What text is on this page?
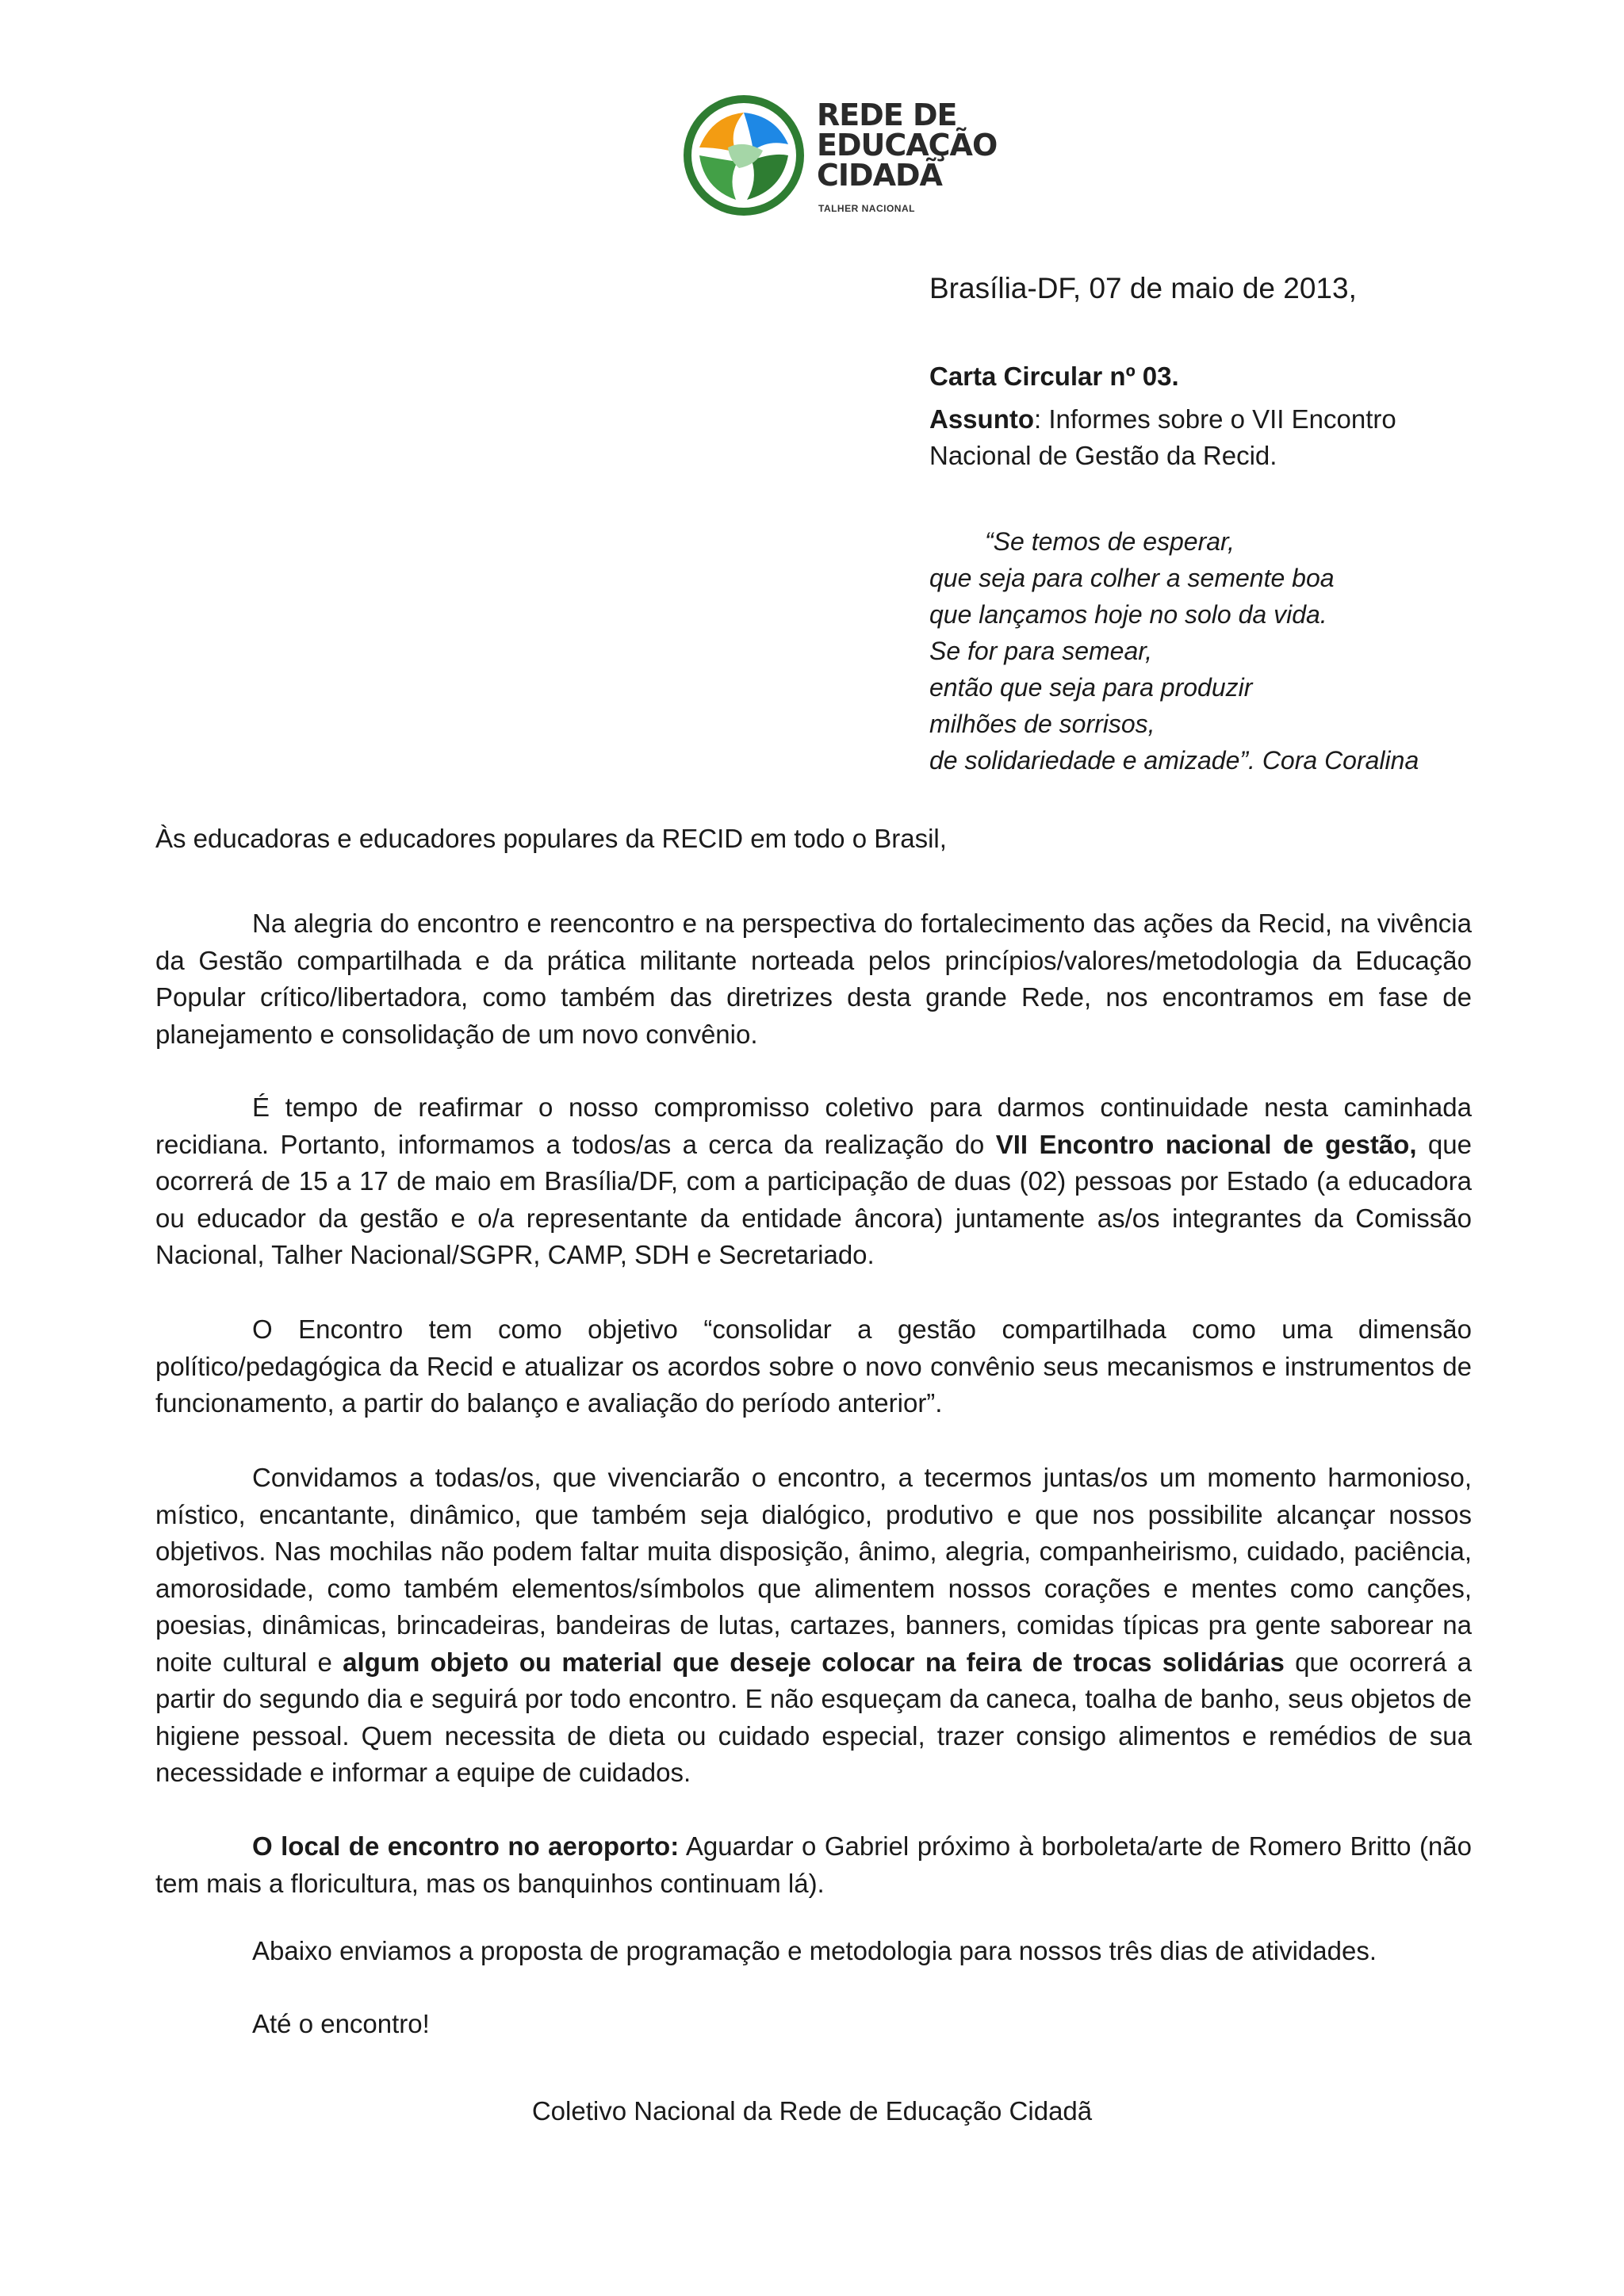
REDE DE
EDUCAÇÃO
CIDADÃ
TALHER NACIONAL
Brasília-DF, 07 de maio de 2013,
Carta Circular nº 03.
Assunto: Informes sobre o VII Encontro Nacional de Gestão da Recid.
“Se temos de esperar,
que seja para colher a semente boa
que lançamos hoje no solo da vida.
Se for para semear,
então que seja para produzir
milhões de sorrisos,
de solidariedade e amizade”. Cora Coralina
Às educadoras e educadores populares da RECID em todo o Brasil,

Na alegria do encontro e reencontro e na perspectiva do fortalecimento das ações da Recid, na vivência da Gestão compartilhada e da prática militante norteada pelos princípios/valores/metodologia da Educação Popular crítico/libertadora, como também das diretrizes desta grande Rede, nos encontramos em fase de planejamento e consolidação de um novo convênio.

É tempo de reafirmar o nosso compromisso coletivo para darmos continuidade nesta caminhada recidiana. Portanto, informamos a todos/as a cerca da realização do VII Encontro nacional de gestão, que ocorrerá de 15 a 17 de maio em Brasília/DF, com a participação de duas (02) pessoas por Estado (a educadora ou educador da gestão e o/a representante da entidade âncora) juntamente as/os integrantes da Comissão Nacional, Talher Nacional/SGPR, CAMP, SDH e Secretariado.

O Encontro tem como objetivo “consolidar a gestão compartilhada como uma dimensão político/pedagógica da Recid e atualizar os acordos sobre o novo convênio seus mecanismos e instrumentos de funcionamento, a partir do balanço e avaliação do período anterior”.

Convidamos a todas/os, que vivenciarão o encontro, a tecermos juntas/os um momento harmonioso, místico, encantante, dinâmico, que também seja dialógico, produtivo e que nos possibilite alcançar nossos objetivos. Nas mochilas não podem faltar muita disposição, ânimo, alegria, companheirismo, cuidado, paciência, amorosidade, como também elementos/símbolos que alimentem nossos corações e mentes como canções, poesias, dinâmicas, brincadeiras, bandeiras de lutas, cartazes, banners, comidas típicas pra gente saborear na noite cultural e algum objeto ou material que deseje colocar na feira de trocas solidárias que ocorrerá a partir do segundo dia e seguirá por todo encontro. E não esqueçam da caneca, toalha de banho, seus objetos de higiene pessoal. Quem necessita de dieta ou cuidado especial, trazer consigo alimentos e remédios de sua necessidade e informar a equipe de cuidados.

O local de encontro no aeroporto: Aguardar o Gabriel próximo à borboleta/arte de Romero Britto (não tem mais a floricultura, mas os banquinhos continuam lá).

Abaixo enviamos a proposta de programação e metodologia para nossos três dias de atividades.

Até o encontro!

Coletivo Nacional da Rede de Educação Cidadã
